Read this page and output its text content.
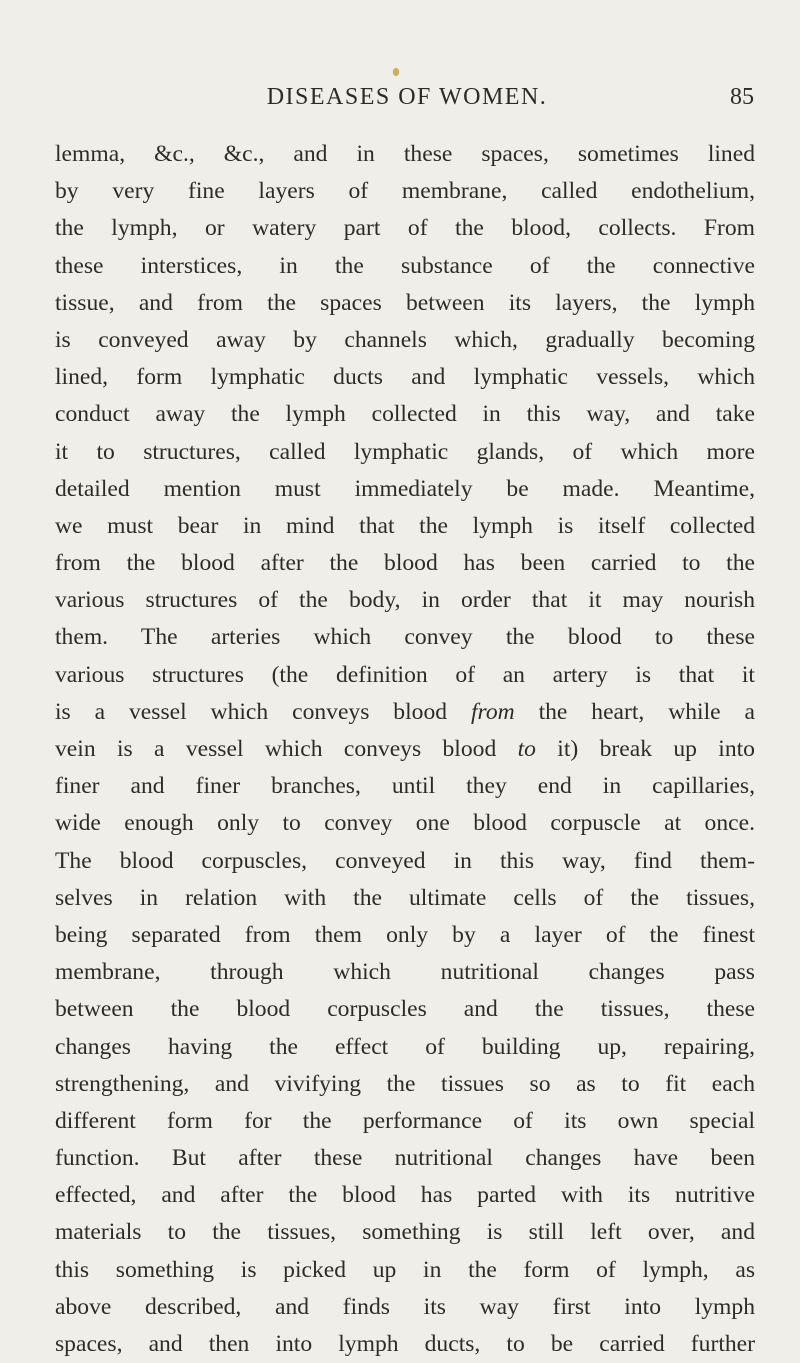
DISEASES OF WOMEN.	85
lemma, &c., &c., and in these spaces, sometimes lined
by very fine layers of membrane, called endothelium,
the lymph, or watery part of the blood, collects. From
these interstices, in the substance of the connective
tissue, and from the spaces between its layers, the lymph
is conveyed away by channels which, gradually becoming
lined, form lymphatic ducts and lymphatic vessels, which
conduct away the lymph collected in this way, and take
it to structures, called lymphatic glands, of which more
detailed mention must immediately be made. Meantime,
we must bear in mind that the lymph is itself collected
from the blood after the blood has been carried to the
various structures of the body, in order that it may nourish
them. The arteries which convey the blood to these
various structures (the definition of an artery is that it
is a vessel which conveys blood from the heart, while a
vein is a vessel which conveys blood to it) break up into
finer and finer branches, until they end in capillaries,
wide enough only to convey one blood corpuscle at once.
The blood corpuscles, conveyed in this way, find them-
selves in relation with the ultimate cells of the tissues,
being separated from them only by a layer of the finest
membrane, through which nutritional changes pass
between the blood corpuscles and the tissues, these
changes having the effect of building up, repairing,
strengthening, and vivifying the tissues so as to fit each
different form for the performance of its own special
function. But after these nutritional changes have been
effected, and after the blood has parted with its nutritive
materials to the tissues, something is still left over, and
this something is picked up in the form of lymph, as
above described, and finds its way first into lymph
spaces, and then into lymph ducts, to be carried further
